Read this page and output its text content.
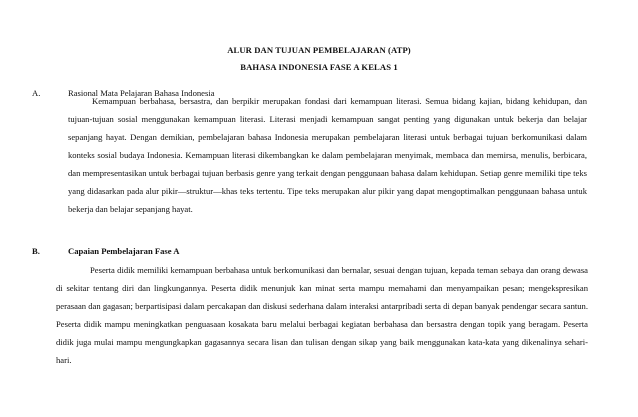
ALUR DAN TUJUAN PEMBELAJARAN (ATP)
BAHASA INDONESIA FASE A KELAS 1
A.	Rasional Mata Pelajaran Bahasa Indonesia

Kemampuan berbahasa, bersastra, dan berpikir merupakan fondasi dari kemampuan literasi. Semua bidang kajian, bidang kehidupan, dan tujuan-tujuan sosial menggunakan kemampuan literasi. Literasi menjadi kemampuan sangat penting yang digunakan untuk bekerja dan belajar sepanjang hayat. Dengan demikian, pembelajaran bahasa Indonesia merupakan pembelajaran literasi untuk berbagai tujuan berkomunikasi dalam konteks sosial budaya Indonesia. Kemampuan literasi dikembangkan ke dalam pembelajaran menyimak, membaca dan memirsa, menulis, berbicara, dan mempresentasikan untuk berbagai tujuan berbasis genre yang terkait dengan penggunaan bahasa dalam kehidupan. Setiap genre memiliki tipe teks yang didasarkan pada alur pikir—struktur—khas teks tertentu. Tipe teks merupakan alur pikir yang dapat mengoptimalkan penggunaan bahasa untuk bekerja dan belajar sepanjang hayat.

B.	Capaian Pembelajaran Fase A

Peserta didik memiliki kemampuan berbahasa untuk berkomunikasi dan bernalar, sesuai dengan tujuan, kepada teman sebaya dan orang dewasa di sekitar tentang diri dan lingkungannya. Peserta didik menunjuk kan minat serta mampu memahami dan menyampaikan pesan; mengekspresikan perasaan dan gagasan; berpartisipasi dalam percakapan dan diskusi sederhana dalam interaksi antarpribadi serta di depan banyak pendengar secara santun. Peserta didik mampu meningkatkan penguasaan kosakata baru melalui berbagai kegiatan berbahasa dan bersastra dengan topik yang beragam. Peserta didik juga mulai mampu mengungkapkan gagasannya secara lisan dan tulisan dengan sikap yang baik menggunakan kata-kata yang dikenalinya sehari- hari.
